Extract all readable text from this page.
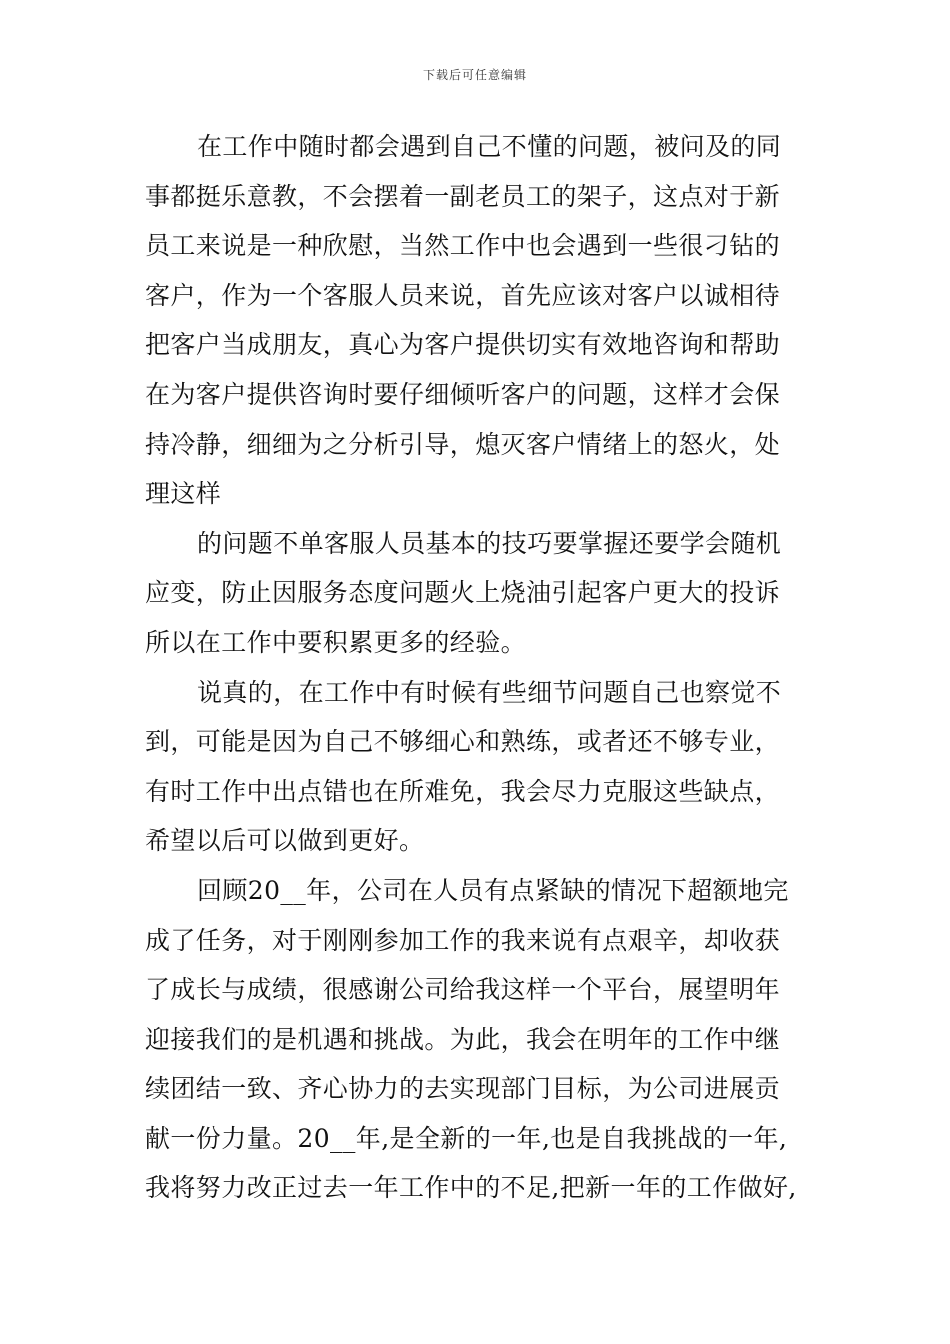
下载后可任意编辑
在工作中随时都会遇到自己不懂的问题，被问及的同
事都挺乐意教，不会摆着一副老员工的架子，这点对于新
员工来说是一种欣慰，当然工作中也会遇到一些很刁钻的
客户，作为一个客服人员来说，首先应该对客户以诚相待
把客户当成朋友，真心为客户提供切实有效地咨询和帮助
在为客户提供咨询时要仔细倾听客户的问题，这样才会保
持冷静，细细为之分析引导，熄灭客户情绪上的怒火，处
理这样
的问题不单客服人员基本的技巧要掌握还要学会随机
应变，防止因服务态度问题火上烧油引起客户更大的投诉
所以在工作中要积累更多的经验。
说真的，在工作中有时候有些细节问题自己也察觉不
到，可能是因为自己不够细心和熟练，或者还不够专业，
有时工作中出点错也在所难免，我会尽力克服这些缺点，
希望以后可以做到更好。
回顾20__年，公司在人员有点紧缺的情况下超额地完
成了任务，对于刚刚参加工作的我来说有点艰辛，却收获
了成长与成绩，很感谢公司给我这样一个平台，展望明年
迎接我们的是机遇和挑战。为此，我会在明年的工作中继
续团结一致、齐心协力的去实现部门目标，为公司进展贡
献一份力量。20__年,是全新的一年,也是自我挑战的一年,
我将努力改正过去一年工作中的不足,把新一年的工作做好,
